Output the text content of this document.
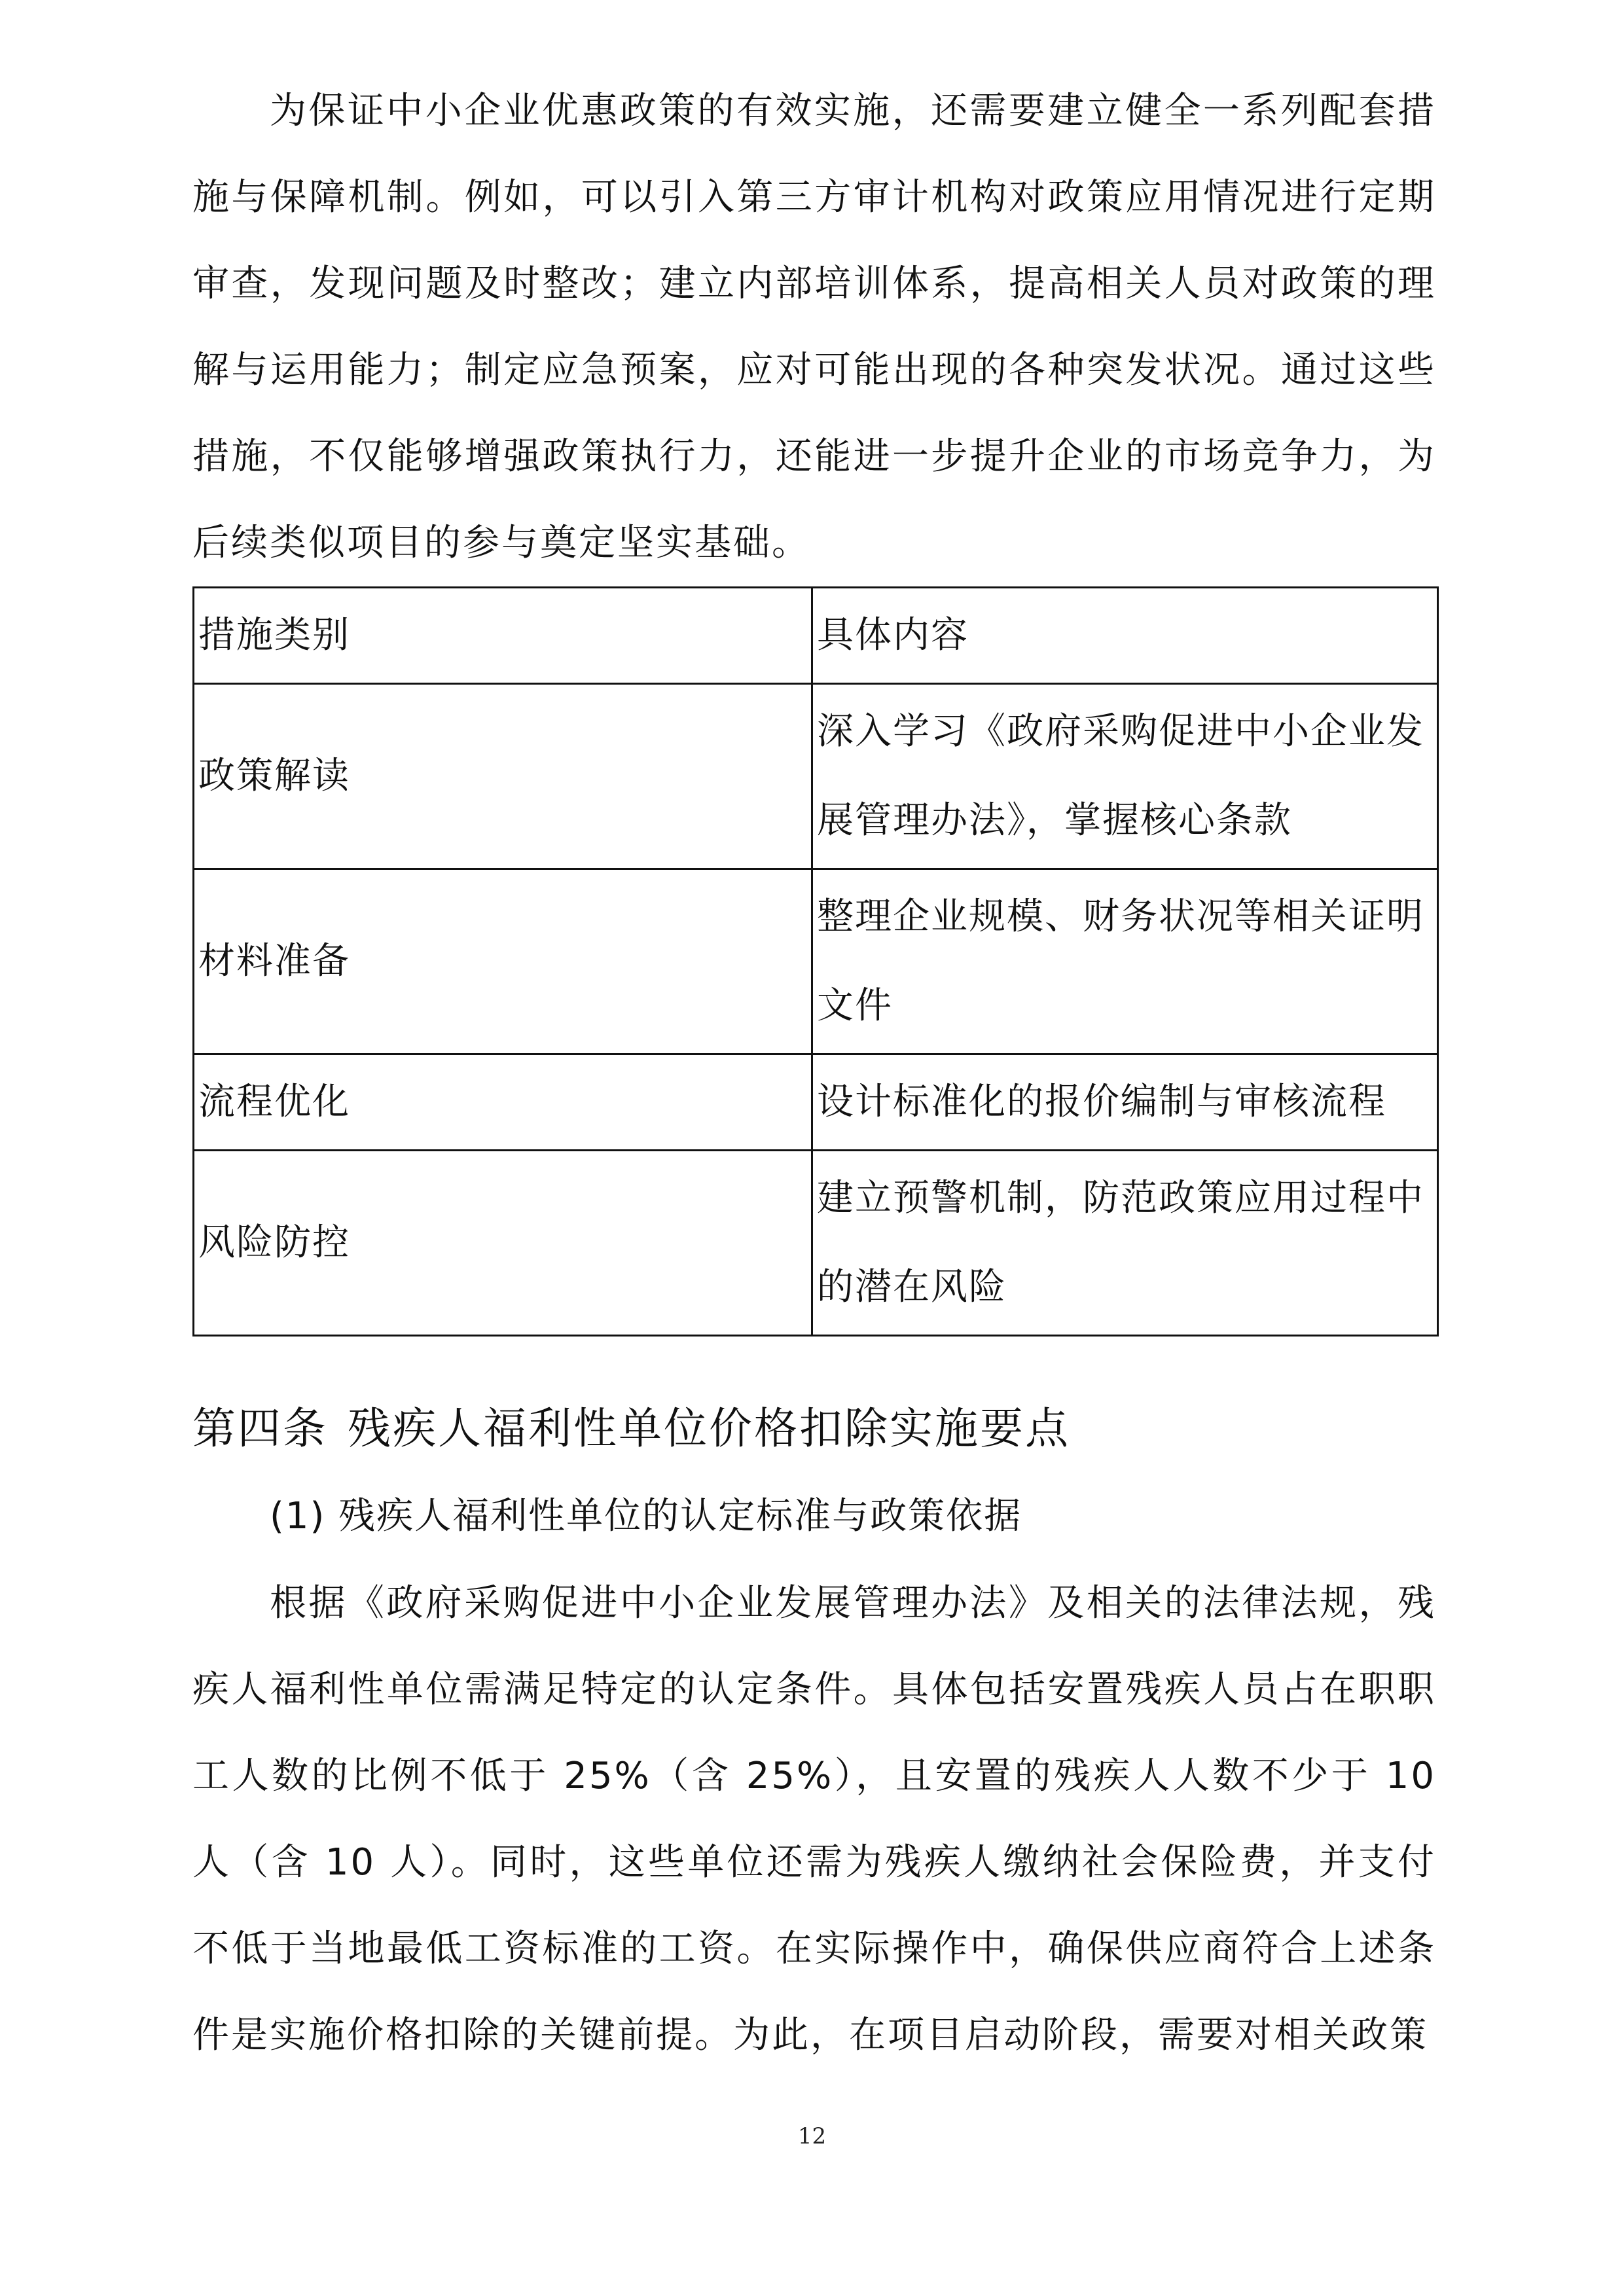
为保证中小企业优惠政策的有效实施，还需要建立健全一系列配套措施与保障机制。例如，可以引入第三方审计机构对政策应用情况进行定期审查，发现问题及时整改；建立内部培训体系，提高相关人员对政策的理解与运用能力；制定应急预案，应对可能出现的各种突发状况。通过这些措施，不仅能够增强政策执行力，还能进一步提升企业的市场竞争力，为后续类似项目的参与奠定坚实基础。

措施类别	具体内容
政策解读	深入学习《政府采购促进中小企业发展管理办法》，掌握核心条款
材料准备	整理企业规模、财务状况等相关证明文件
流程优化	设计标准化的报价编制与审核流程
风险防控	建立预警机制，防范政策应用过程中的潜在风险
第四条 残疾人福利性单位价格扣除实施要点

(1) 残疾人福利性单位的认定标准与政策依据

根据《政府采购促进中小企业发展管理办法》及相关的法律法规，残疾人福利性单位需满足特定的认定条件。具体包括安置残疾人员占在职职工人数的比例不低于 25%（含 25%），且安置的残疾人人数不少于 10 人（含 10 人）。同时，这些单位还需为残疾人缴纳社会保险费，并支付不低于当地最低工资标准的工资。在实际操作中，确保供应商符合上述条件是实施价格扣除的关键前提。为此，在项目启动阶段，需要对相关政策

12
